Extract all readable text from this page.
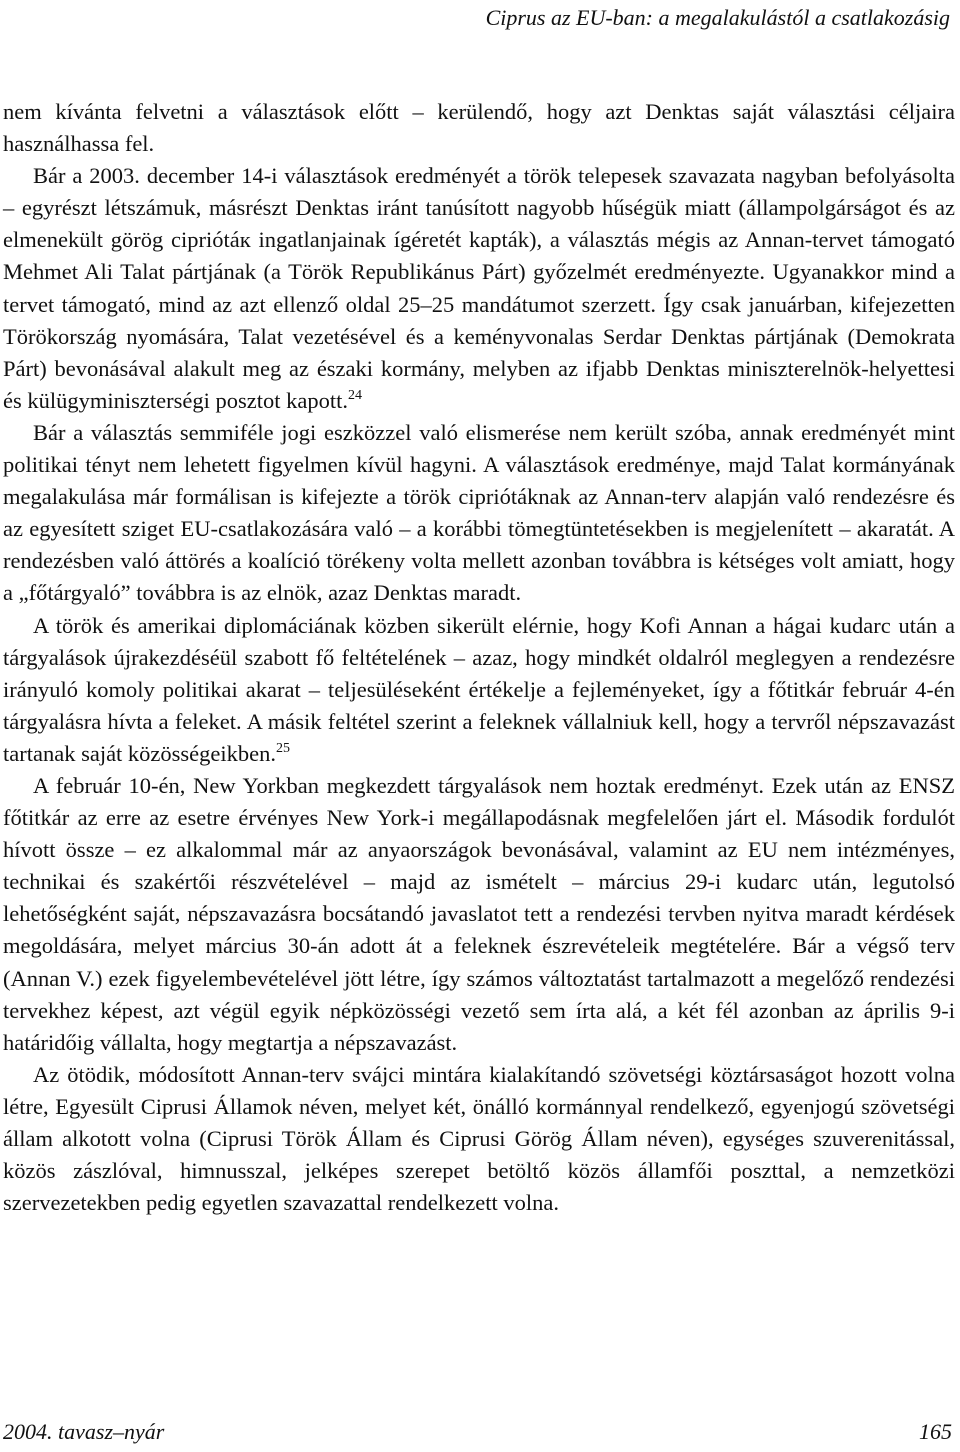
Ciprus az EU-ban: a megalakulástól a csatlakozásig

nem kívánta felvetni a választások előtt – kerülendő, hogy azt Denktas saját választási céljaira használhassa fel.

Bár a 2003. december 14-i választások eredményét a török telepesek szavazata nagyban befolyásolta – egyrészt létszámuk, másrészt Denktas iránt tanúsított nagyobb hűségük miatt (állampolgárságot és az elmenekült görög cipriótáк ingatlanjainak ígéretét kapták), a választás mégis az Annan-tervet támogató Mehmet Ali Talat pártjának (a Török Republikánus Párt) győzelmét eredményezte. Ugyanakkor mind a tervet támogató, mind az azt ellenző oldal 25–25 mandátumot szerzett. Így csak januárban, kifejezetten Törökország nyomására, Talat vezetésével és a keményvonalas Serdar Denktas pártjának (Demokrata Párt) bevonásával alakult meg az északi kormány, melyben az ifjabb Denktas miniszterelnök-helyettesi és külügyminiszterségi posztot kapott.$^{24}$

Bár a választás semmiféle jogi eszközzel való elismerése nem került szóba, annak eredményét mint politikai tényt nem lehetett figyelmen kívül hagyni. A választások eredménye, majd Talat kormányának megalakulása már formálisan is kifejezte a török cipriótáknak az Annan-terv alapján való rendezésre és az egyesített sziget EU-csatlakozására való – a korábbi tömegtüntetésekben is megjelenített – akaratát. A rendezésben való áttörés a koalíció törékeny volta mellett azonban továbbra is kétséges volt amiatt, hogy a „főtárgyaló” továbbra is az elnök, azaz Denktas maradt.

A török és amerikai diplomáciának közben sikerült elérnie, hogy Kofi Annan a hágai kudarc után a tárgyalások újrakezdéséül szabott fő feltételének – azaz, hogy mindkét oldalról meglegyen a rendezésre irányuló komoly politikai akarat – teljesüléseként értékelje a fejleményeket, így a főtitkár február 4-én tárgyalásra hívta a feleket. A másik feltétel szerint a feleknek vállalniuk kell, hogy a tervről népszavazást tartanak saját közösségeikben.$^{25}$

A február 10-én, New Yorkban megkezdett tárgyalások nem hoztak eredményt. Ezek után az ENSZ főtitkár az erre az esetre érvényes New York-i megállapodásnak megfelelően járt el. Második fordulót hívott össze – ez alkalommal már az anyaországok bevonásával, valamint az EU nem intézményes, technikai és szakértői részvételével – majd az ismételt – március 29-i kudarc után, legutolsó lehetőségként saját, népszavazásra bocsátandó javaslatot tett a rendezési tervben nyitva maradt kérdések megoldására, melyet március 30-án adott át a feleknek észrevételeik megtételére. Bár a végső terv (Annan V.) ezek figyelembevételével jött létre, így számos változtatást tartalmazott a megelőző rendezési tervekhez képest, azt végül egyik népközösségi vezető sem írta alá, a két fél azonban az április 9-i határidőig vállalta, hogy megtartja a népszavazást.

Az ötödik, módosított Annan-terv svájci mintára kialakítandó szövetségi köztársaságot hozott volna létre, Egyesült Ciprusi Államok néven, melyet két, önálló kormánnyal rendelkező, egyenjogú szövetségi állam alkotott volna (Ciprusi Török Állam és Ciprusi Görög Állam néven), egységes szuverenitással, közös zászlóval, himnusszal, jelképes szerepet betöltő közös államfői poszttal, a nemzetközi szervezetekben pedig egyetlen szavazattal rendelkezett volna.

2004. tavasz–nyár	165
